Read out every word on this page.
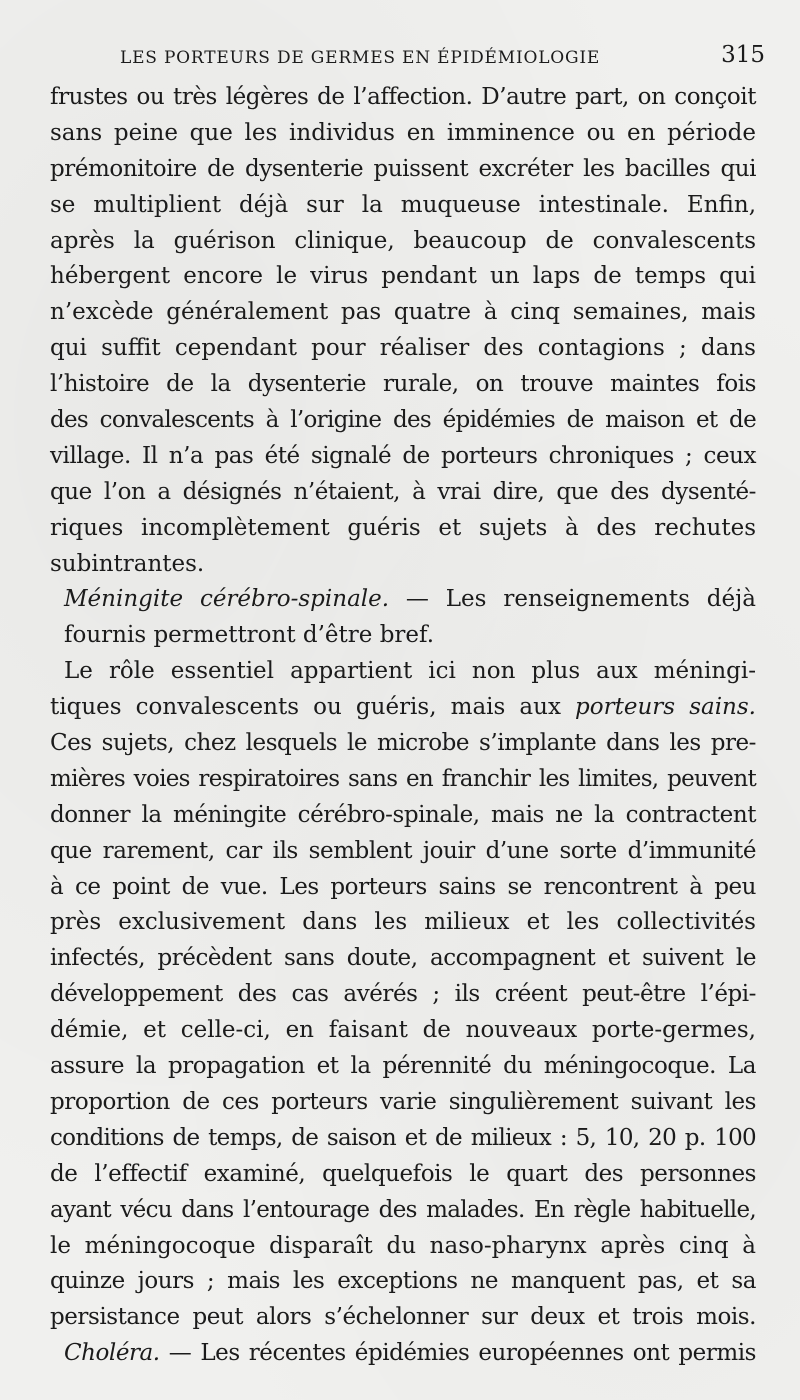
LES PORTEURS DE GERMES EN ÉPIDÉMIOLOGIE	315
frustes ou très légères de l’affection. D’autre part, on conçoit
sans peine que les individus en imminence ou en période
prémonitoire de dysenterie puissent excréter les bacilles qui
se multiplient déjà sur la muqueuse intestinale. Enfin,
après la guérison clinique, beaucoup de convalescents
hébergent encore le virus pendant un laps de temps qui
n’excède généralement pas quatre à cinq semaines, mais
qui suffit cependant pour réaliser des contagions ; dans
l’histoire de la dysenterie rurale, on trouve maintes fois
des convalescents à l’origine des épidémies de maison et de
village. Il n’a pas été signalé de porteurs chroniques ; ceux
que l’on a désignés n’étaient, à vrai dire, que des dysenté-
riques incomplètement guéris et sujets à des rechutes
subintrantes.
Méningite cérébro-spinale. — Les renseignements déjà
fournis permettront d’être bref.
Le rôle essentiel appartient ici non plus aux méningi-
tiques convalescents ou guéris, mais aux porteurs sains.
Ces sujets, chez lesquels le microbe s’implante dans les pre-
mières voies respiratoires sans en franchir les limites, peuvent
donner la méningite cérébro-spinale, mais ne la contractent
que rarement, car ils semblent jouir d’une sorte d’immunité
à ce point de vue. Les porteurs sains se rencontrent à peu
près exclusivement dans les milieux et les collectivités
infectés, précèdent sans doute, accompagnent et suivent le
développement des cas avérés ; ils créent peut-être l’épi-
démie, et celle-ci, en faisant de nouveaux porte-germes,
assure la propagation et la pérennité du méningocoque. La
proportion de ces porteurs varie singulièrement suivant les
conditions de temps, de saison et de milieux : 5, 10, 20 p. 100
de l’effectif examiné, quelquefois le quart des personnes
ayant vécu dans l’entourage des malades. En règle habituelle,
le méningocoque disparaît du naso-pharynx après cinq à
quinze jours ; mais les exceptions ne manquent pas, et sa
persistance peut alors s’échelonner sur deux et trois mois.
Choléra. — Les récentes épidémies européennes ont permis
